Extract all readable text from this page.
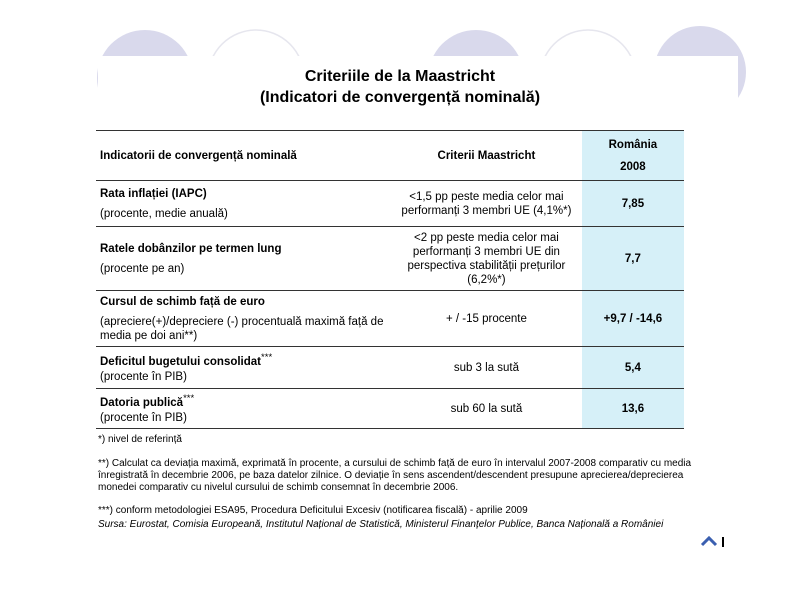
Criteriile de la Maastricht
(Indicatori de convergență nominală)
Indicatorii de convergență nominală	Criterii Maastricht	România
2008

Rata inflației (IAPC)
(procente, medie anuală)	<1,5 pp peste media celor mai performanți 3 membri UE (4,1%*)	7,85
Ratele dobânzilor pe termen lung
(procente pe an)	<2 pp peste media celor mai performanți 3 membri UE din perspectiva stabilității prețurilor (6,2%*)	7,7
Cursul de schimb față de euro
(apreciere(+)/depreciere (-) procentuală maximă față de media pe doi ani**)	+ / -15 procente	+9,7 / -14,6
Deficitul bugetului consolidat***
(procente în PIB)	sub 3 la sută	5,4
Datoria publică***
(procente în PIB)	sub 60 la sută	13,6
*) nivel de referință
**) Calculat ca deviația maximă, exprimată în procente, a cursului de schimb față de euro în intervalul 2007-2008 comparativ cu media înregistrată în decembrie 2006, pe baza datelor zilnice. O deviație în sens ascendent/descendent presupune aprecierea/deprecierea monedei comparativ cu nivelul cursului de schimb consemnat în decembrie 2006.
***) conform metodologiei ESA95, Procedura Deficitului Excesiv (notificarea fiscală) - aprilie 2009
Sursa: Eurostat, Comisia Europeană, Institutul Național de Statistică, Ministerul Finanțelor Publice, Banca Națională a României
